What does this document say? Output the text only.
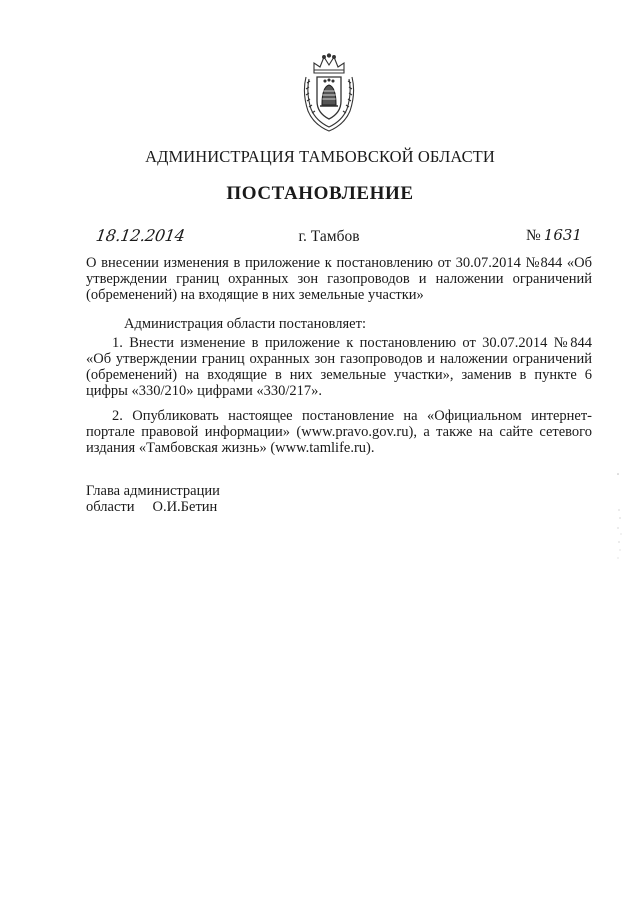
АДМИНИСТРАЦИЯ ТАМБОВСКОЙ ОБЛАСТИ
ПОСТАНОВЛЕНИЕ
18.12.2014	г. Тамбов	№ 1631
О внесении изменения в приложение к постановлению от 30.07.2014 №844 «Об утверждении границ охранных зон газопроводов и наложении ограничений (обременений) на входящие в них земельные участки»
Администрация области постановляет:
1. Внести изменение в приложение к постановлению от 30.07.2014 №844 «Об утверждении границ охранных зон газопроводов и наложении ограничений (обременений) на входящие в них земельные участки», заменив в пункте 6 цифры «330/210» цифрами «330/217».
2. Опубликовать настоящее постановление на «Официальном интернет-портале правовой информации» (www.pravo.gov.ru), а также на сайте сетевого издания «Тамбовская жизнь» (www.tamlife.ru).
Глава администрации
области О.И.Бетин
